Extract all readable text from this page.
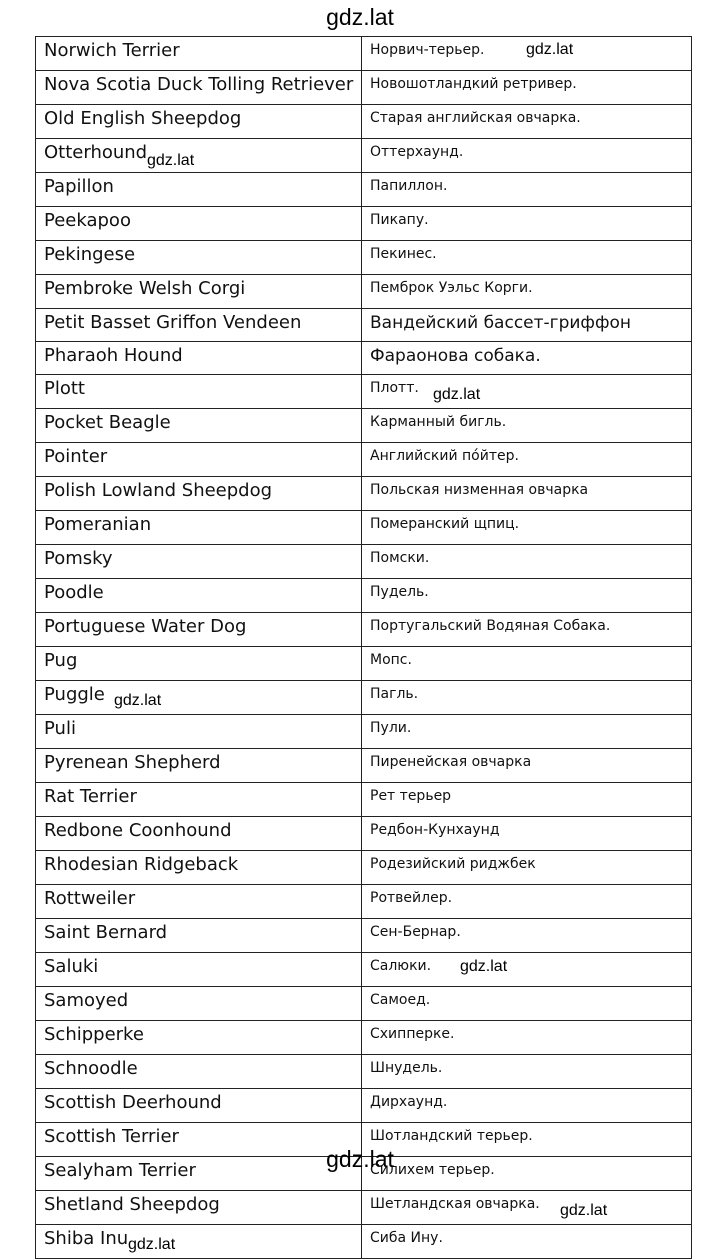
gdz.lat
Norwich Terrier	Норвич-терьер. gdz.lat

Nova Scotia Duck Tolling Retriever	Новошотландкий ретривер.
Old English Sheepdog	Старая английская овчарка.
Otterhound gdz.lat	Оттерхаунд.
Papillon	Папиллон.
Peekapoo	Пикапу.
Pekingese	Пекинес.
Pembroke Welsh Corgi	Пемброк Уэльс Корги.
Petit Basset Griffon Vendeen	Вандейский бассет-гриффон
Pharaoh Hound	Фараонова собака.
Plott	Плотт. gdz.lat

Pocket Beagle	Карманный бигль.
Pointer	Английский по́йтер.
Polish Lowland Sheepdog	Польская низменная овчарка
Pomeranian	Померанский щпиц.
Pomsky	Помски.
Poodle	Пудель.
Portuguese Water Dog	Португальский Водяная Собака.
Pug	Мопс.
Puggle gdz.lat	Пагль.
Puli	Пули.
Pyrenean Shepherd	Пиренейская овчарка
Rat Terrier	Рет терьер
Redbone Coonhound	Редбон-Кунхаунд
Rhodesian Ridgeback	Родезийский риджбек
Rottweiler	Ротвейлер.
Saint Bernard	Сен-Бернар.
Saluki	Салюки. gdz.lat

Samoyed	Самоед.
Schipperke	Схипперке.
Schnoodle	Шнудель.
Scottish Deerhound	Дирхаунд.
Scottish Terrier	Шотландский терьер.
Sealyham Terrier	Силихем терьер.
Shetland Sheepdog	Шетландская овчарка. gdz.lat

Shiba Inu gdz.lat	Сиба Ину.
gdz.lat
